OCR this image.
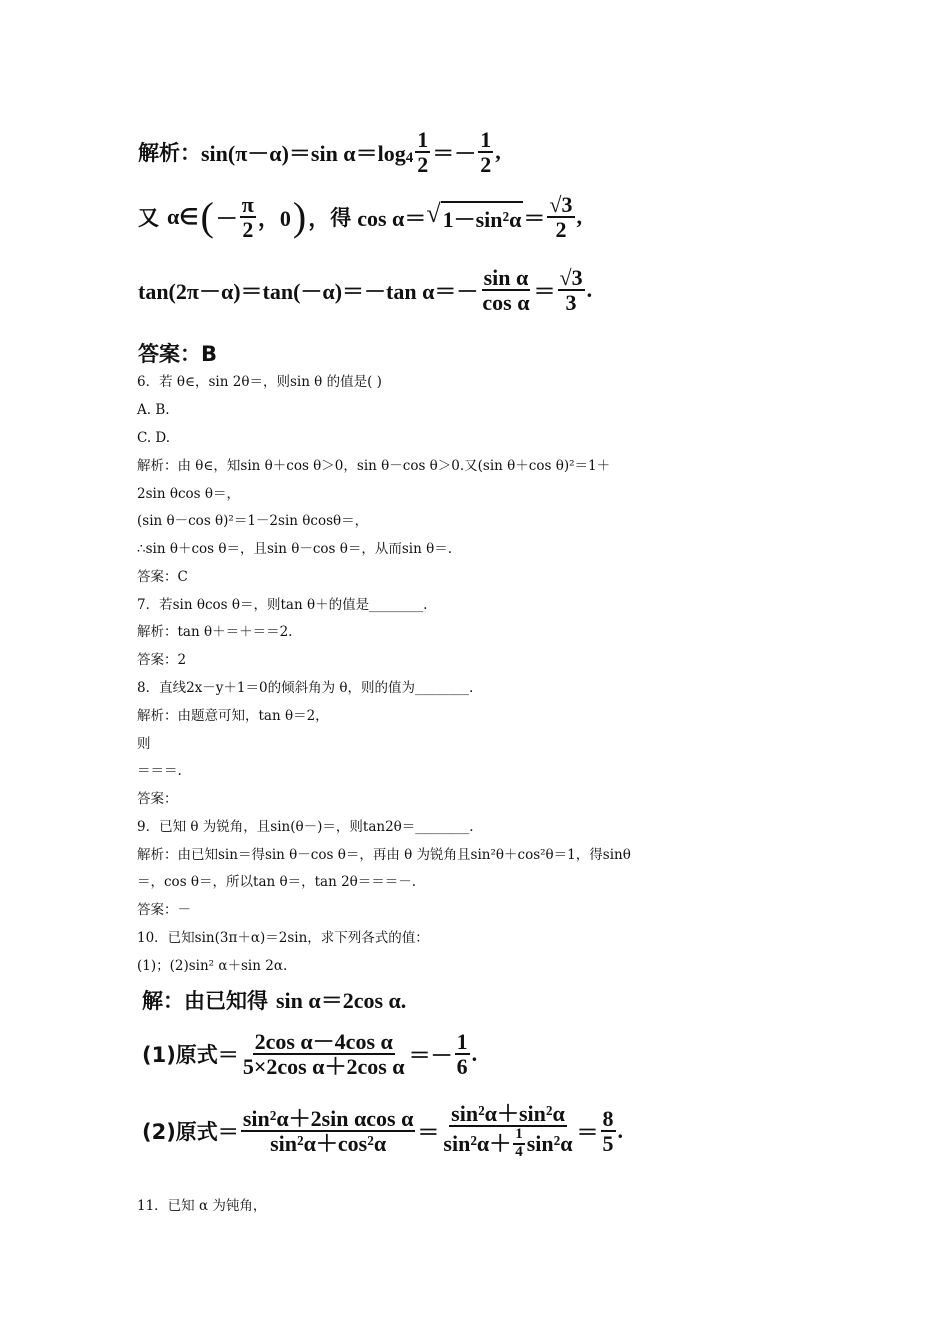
解析： sin(π－α)＝sin α＝log $4 \frac{1}{2} =- \frac{1}{2}$ ,
又 α∈ ( － $\frac{\pi}{2}$ ，0 ) ， 得 cos α＝ √ $1-\sin^2\alpha = \frac{√3}{2}$ ,
tan(2π－α)＝tan(－α)＝－tan $\alpha=- \frac{\text{sin α}}{\text{cos α}} = \frac{√3}{3}$ .
答案：B
6．若 θ∈，sin 2θ＝，则sin θ 的值是( )
A. B.
C. D.
解析：由 θ∈，知sin θ＋cos θ＞0，sin θ－cos θ＞0.又(sin θ＋cos θ)²＝1＋
2sin θcos θ＝，
(sin θ－cos θ)²＝1－2sin θcosθ＝，
∴sin θ＋cos θ＝，且sin θ－cos θ＝，从而sin θ＝.
答案：C
7．若sin θcos θ＝，则tan θ＋的值是________.
解析：tan θ＋＝＋＝＝2.
答案：2
8．直线2x－y＋1＝0的倾斜角为 θ，则的值为________.
解析：由题意可知，tan θ＝2，
则
＝＝＝.
答案：
9．已知 θ 为锐角，且sin(θ－)＝，则tan2θ＝________.
解析：由已知sin＝得sin θ－cos θ＝，再由 θ 为锐角且sin²θ＋cos²θ＝1，得sinθ
＝，cos θ＝，所以tan θ＝，tan 2θ＝＝＝－.
答案：－
10．已知sin(3π＋α)＝2sin，求下列各式的值：
(1)；(2)sin² α＋sin 2α.
解：由已知得 sin α＝2cos α.
(1)原式＝ $\frac{\text{2cos α－4cos α}}{\text{5×2cos α＋2cos α}} =- \frac{1}{6}$ .
(2)原式＝ $\frac{\text{sin²α＋2sin αcos α}}{\text{sin²α＋cos²α}}$ ＝
sin²α＋sin²α
$\sin^2\alpha+ \frac{1}{4} \sin^2\alpha = \frac{8}{5}$ .
11．已知 α 为钝角，
